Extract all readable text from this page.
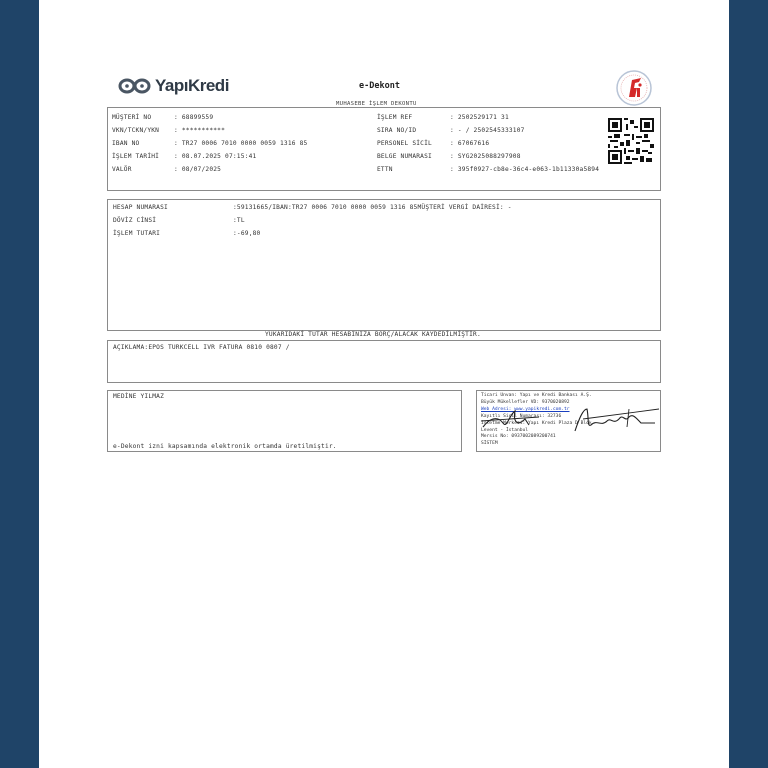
YapıKredi	e-Dekont
MUHASEBE İŞLEM DEKONTU
MÜŞTERİ NO	: 68899559
VKN/TCKN/YKN	: ***********
IBAN NO	: TR27 0006 7010 0000 0059 1316 85
İŞLEM TARİHİ	: 08.07.2025 07:15:41
VALÖR	: 08/07/2025
İŞLEM REF	: 2502529171 31
SIRA NO/ID	: - / 2502545333107
PERSONEL SİCİL	: 67067616
BELGE NUMARASI	: SYG2025088297908
ETTN	: 395f0927-cb8e-36c4-e063-1b11330a5894
HESAP NUMARASI	:59131665/IBAN:TR27 0006 7010 0000 0059 1316 85MÜŞTERİ VERGİ DAİRESİ: -
DÖVİZ CİNSİ	:TL
İŞLEM TUTARI	:-69,80
YUKARIDAKİ TUTAR HESABINIZA BORÇ/ALACAK KAYDEDİLMİŞTİR.
AÇIKLAMA:EPOS TURKCELL IVR FATURA 0810 0807 /
MEDİNE YILMAZ
e-Dekont izni kapsamında elektronik ortamda üretilmiştir.
Ticari Unvan: Yapı ve Kredi Bankası A.Ş.
Büyük Mükellefler VD: 9370020892
Web Adresi: www.yapikredi.com.tr
Kayıtlı Sicil Numarası: 32736
İşletme Merkezi: Yapı Kredi Plaza D Blok
Levent - İstanbul
Mersis No: 0937002089200741
SİSTEM
